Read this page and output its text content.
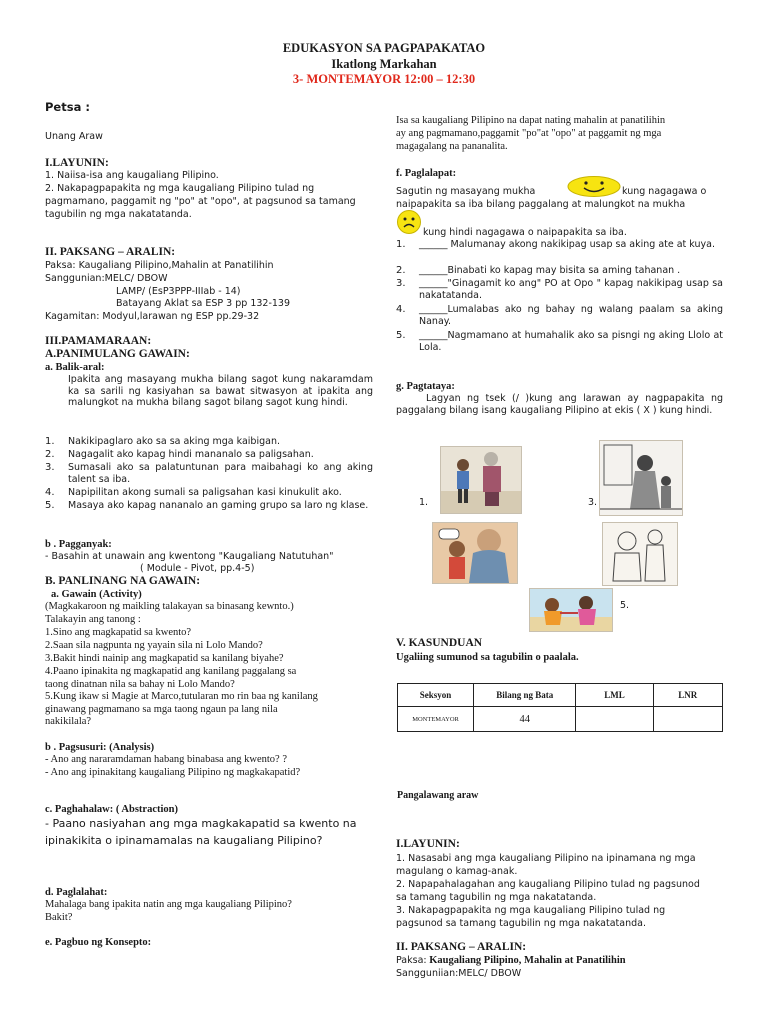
EDUKASYON SA PAGPAPAKATAO
Ikatlong Markahan
3- MONTEMAYOR 12:00 – 12:30
Petsa :
Unang Araw
I.LAYUNIN:
1. Naiisa-isa ang kaugaliang Pilipino.
2. Nakapagpapakita ng mga kaugaliang Pilipino tulad ng
pagmamano, paggamit ng "po" at "opo", at pagsunod sa tamang
tagubilin ng mga nakatatanda.
II. PAKSANG – ARALIN:
Paksa: Kaugaliang Pilipino,Mahalin at Panatilihin
Sanggunian:MELC/ DBOW
LAMP/ (EsP3PPP-IIIab - 14)
Batayang Aklat sa ESP 3 pp 132-139
Kagamitan: Modyul,larawan ng ESP pp.29-32
III.PAMAMARAAN:
A.PANIMULANG GAWAIN:
a. Balik-aral:
Ipakita ang masayang mukha bilang sagot kung nakaramdam ka sa sarili ng kasiyahan sa bawat sitwasyon at ipakita ang malungkot na mukha bilang sagot bilang sagot kung hindi.
1. Nakikipaglaro ako sa sa aking mga kaibigan.
2. Nagagalit ako kapag hindi mananalo sa paligsahan.
3. Sumasali ako sa palatuntunan para maibahagi ko ang aking talent sa iba.
4. Napipilitan akong sumali sa paligsahan kasi kinukulit ako.
5. Masaya ako kapag nananalo an gaming grupo sa laro ng klase.
b . Pagganyak:
- Basahin at unawain ang kwentong "Kaugaliang Natutuhan"
( Module - Pivot, pp.4-5)
B. PANLINANG NA GAWAIN:
a. Gawain (Activity)
(Magkakaroon ng maikling talakayan sa binasang kewnto.)
Talakayin ang tanong :
1.Sino ang magkapatid sa kwento?
2.Saan sila nagpunta ng yayain sila ni Lolo Mando?
3.Bakit hindi nainip ang magkapatid sa kanilang biyahe?
4.Paano ipinakita ng magkapatid ang kanilang paggalang sa
taong dinatnan nila sa bahay ni Lolo Mando?
5.Kung ikaw si Magie at Marco,tutularan mo rin baa ng kanilang
ginawang pagmamano sa mga taong ngaun pa lang nila
nakikilala?
b . Pagsusuri: (Analysis)
- Ano ang nararamdaman habang binabasa ang kwento? ?
- Ano ang ipinakitang kaugaliang Pilipino ng magkakapatid?
c. Paghahalaw: ( Abstraction)
- Paano nasiyahan ang mga magkakapatid sa kwento na
ipinakikita o ipinamamalas na kaugaliang Pilipino?
d. Paglalahat:
Mahalaga bang ipakita natin ang mga kaugaliang Pilipino?
Bakit?
e. Pagbuo ng Konsepto:
Isa sa kaugaliang Pilipino na dapat nating mahalin at panatilihin
ay ang pagmamano,paggamit "po"at "opo" at paggamit ng mga
magagalang na pananalita.
f. Paglalapat:
Sagutin ng masayang mukha	kung nagagawa o
naipapakita sa iba bilang paggalang at malungkot na mukha
kung hindi nagagawa o naipapakita sa iba.
1. ______ Malumanay akong nakikipag usap sa aking ate at kuya.
2. ______Binabati ko kapag may bisita sa aming tahanan .
3. ______"Ginagamit ko ang" PO at Opo " kapag nakikipag usap sa nakatatanda.
4. ______Lumalabas ako ng bahay ng walang paalam sa aking Nanay.
5. ______Nagmamano at humahalik ako sa pisngi ng aking Llolo at Lola.
g. Pagtataya:
Lagyan ng tsek (/ )kung ang larawan ay nagpapakita ng paggalang bilang isang kaugaliang Pilipino at ekis ( X ) kung hindi.
1.	3.
5.
V. KASUNDUAN
Ugaliing sumunod sa tagubilin o paalala.
Seksyon	Bilang ng Bata	LML	LNR
MONTEMAYOR	44		
Pangalawang araw
I.LAYUNIN:
1. Nasasabi ang mga kaugaliang Pilipino na ipinamana ng mga
magulang o kamag-anak.
2. Napapahalagahan ang kaugaliang Pilipino tulad ng pagsunod
sa tamang tagubilin ng mga nakatatanda.
3. Nakapagpapakita ng mga kaugaliang Pilipino tulad ng
pagsunod sa tamang tagubilin ng mga nakatatanda.
II. PAKSANG – ARALIN:
Paksa: Kaugaliang Pilipino, Mahalin at Panatilihin
Sangguniian:MELC/ DBOW
